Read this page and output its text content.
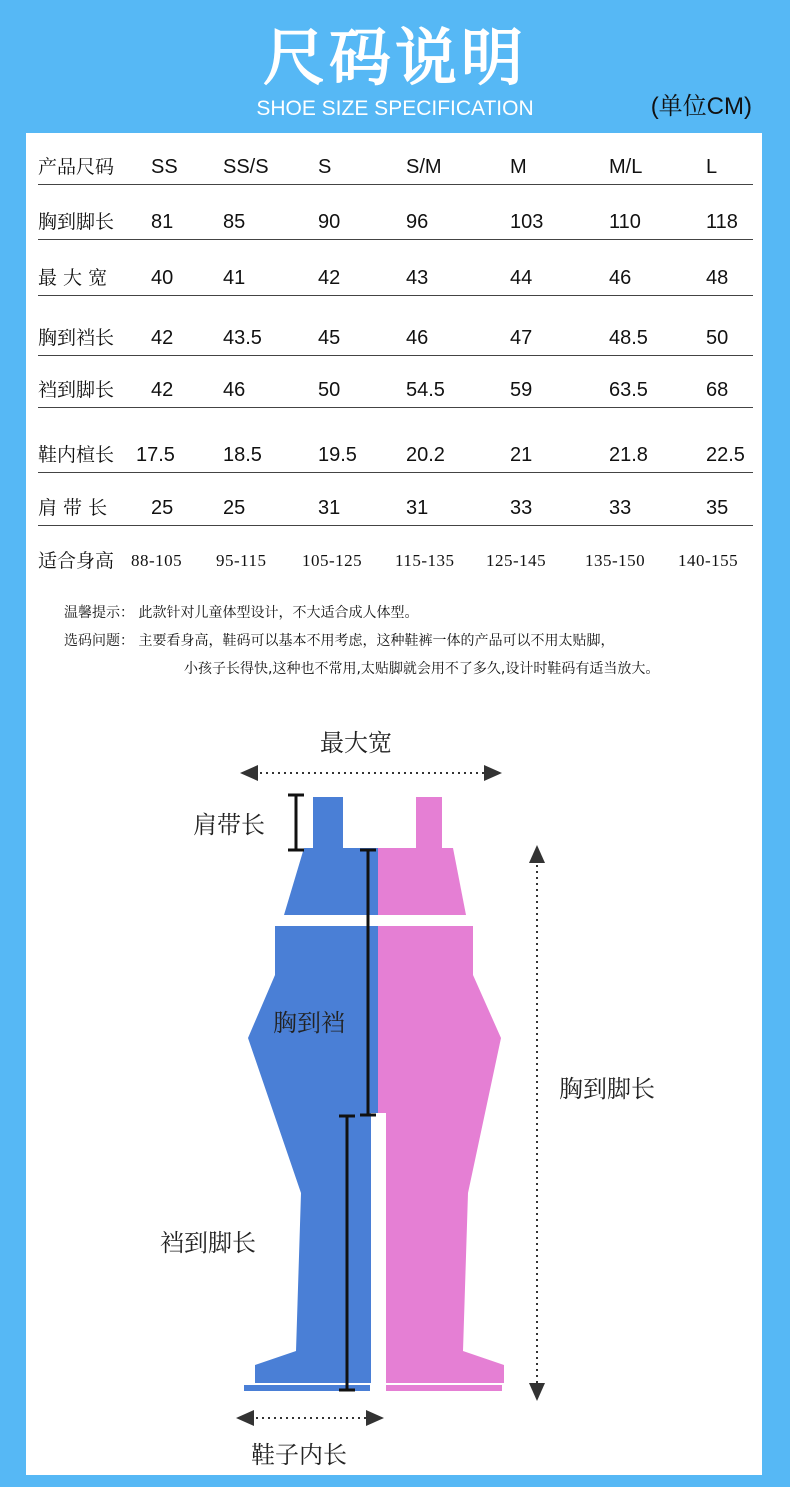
尺码说明
SHOE SIZE SPECIFICATION	(单位CM)
产品尺码 SS SS/S S	S/M	M	M/L	L
胸到脚长 81 85	90	96	103	110	118
最 大 宽 40 41	42	43	44	46	48
胸到裆长 42 43.5	45	46	47	48.5	50
裆到脚长 42 46	50	54.5	59	63.5	68
鞋内楦长 17.5 18.5	19.5 20.2	21	21.8	22.5
肩 带 长 25 25	31	31	33	33	35
适合身高 88-105 95-115 105-125 115-135 125-145 135-150 140-155
温馨提示： 此款针对儿童体型设计，不大适合成人体型。
选码问题： 主要看身高，鞋码可以基本不用考虑，这种鞋裤一体的产品可以不用太贴脚，
小孩子长得快,这种也不常用,太贴脚就会用不了多久,设计时鞋码有适当放大。
最大宽
肩带长
胸到裆
胸到脚长
裆到脚长
鞋子内长
